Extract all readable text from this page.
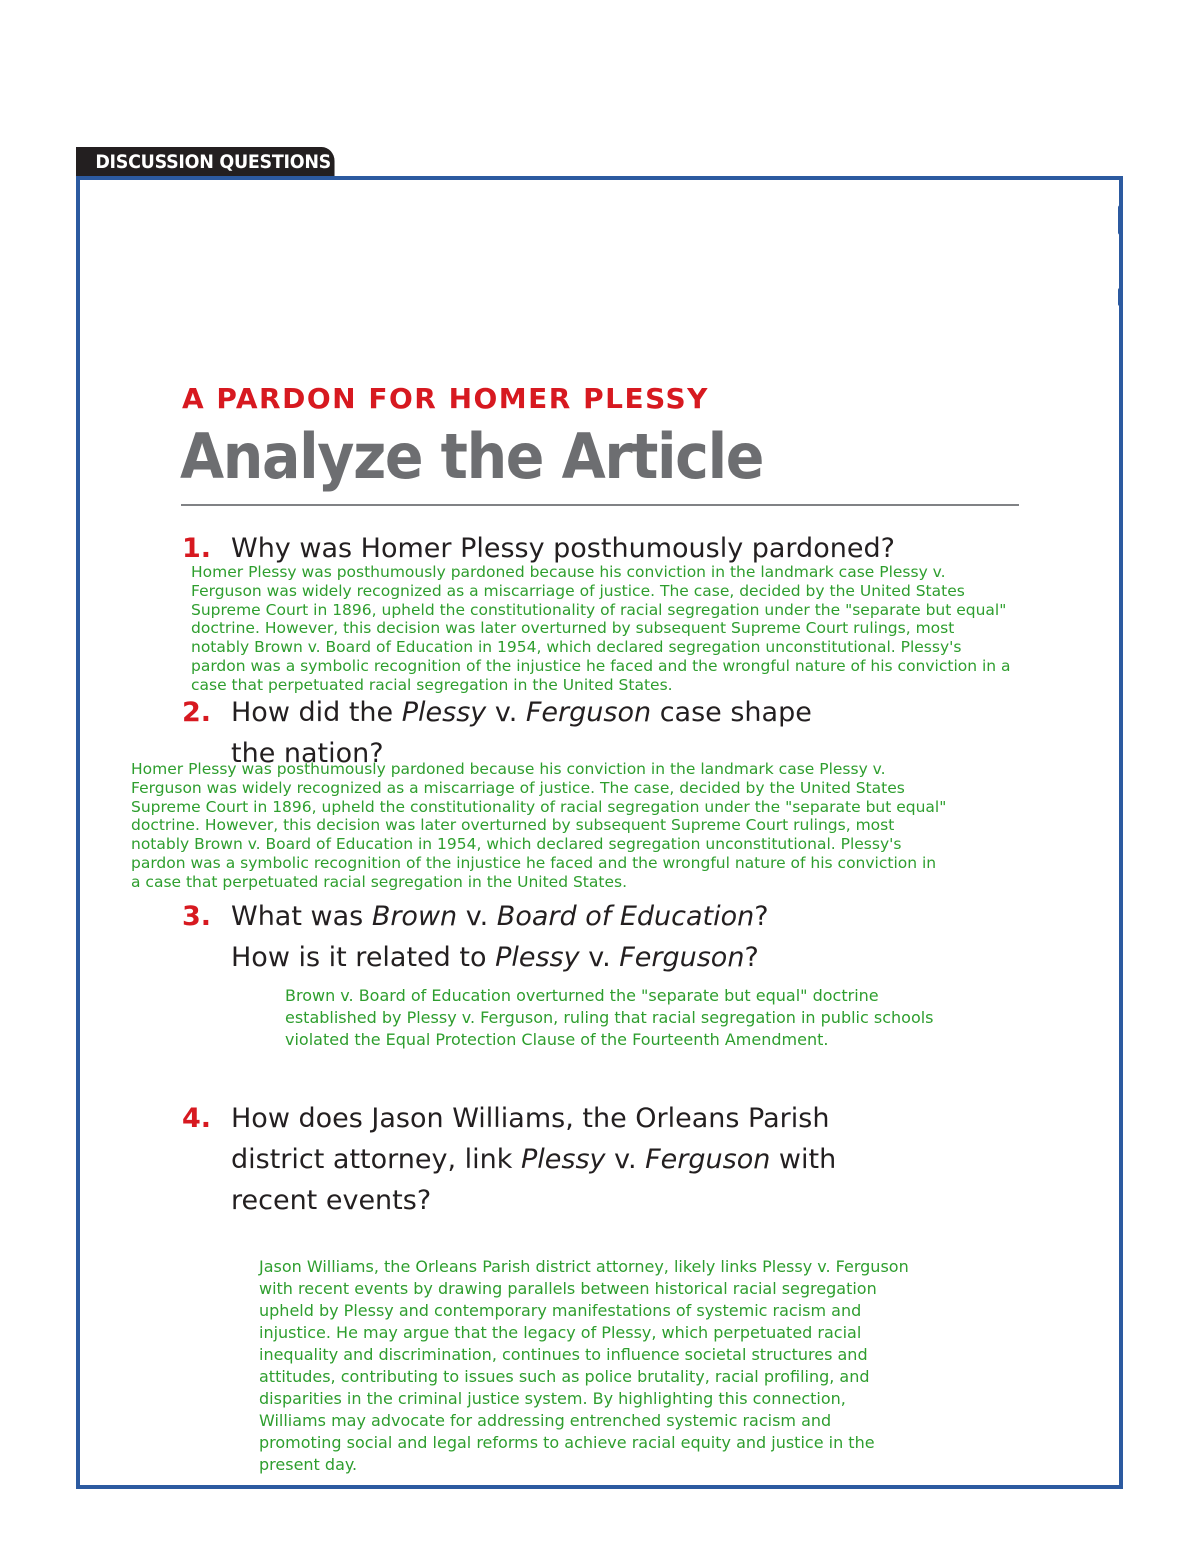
DISCUSSION QUESTIONS
A PARDON FOR HOMER PLESSY
Analyze the Article
1. Why was Homer Plessy posthumously pardoned?
Homer Plessy was posthumously pardoned because his conviction in the landmark case Plessy v.
Ferguson was widely recognized as a miscarriage of justice. The case, decided by the United States
Supreme Court in 1896, upheld the constitutionality of racial segregation under the "separate but equal"
doctrine. However, this decision was later overturned by subsequent Supreme Court rulings, most
notably Brown v. Board of Education in 1954, which declared segregation unconstitutional. Plessy's
pardon was a symbolic recognition of the injustice he faced and the wrongful nature of his conviction in a
case that perpetuated racial segregation in the United States.
2. How did the Plessy v. Ferguson case shape
the nation?
Homer Plessy was posthumously pardoned because his conviction in the landmark case Plessy v.
Ferguson was widely recognized as a miscarriage of justice. The case, decided by the United States
Supreme Court in 1896, upheld the constitutionality of racial segregation under the "separate but equal"
doctrine. However, this decision was later overturned by subsequent Supreme Court rulings, most
notably Brown v. Board of Education in 1954, which declared segregation unconstitutional. Plessy's
pardon was a symbolic recognition of the injustice he faced and the wrongful nature of his conviction in
a case that perpetuated racial segregation in the United States.
3. What was Brown v. Board of Education?
How is it related to Plessy v. Ferguson?
Brown v. Board of Education overturned the "separate but equal" doctrine
established by Plessy v. Ferguson, ruling that racial segregation in public schools
violated the Equal Protection Clause of the Fourteenth Amendment.
4. How does Jason Williams, the Orleans Parish
district attorney, link Plessy v. Ferguson with
recent events?
Jason Williams, the Orleans Parish district attorney, likely links Plessy v. Ferguson
with recent events by drawing parallels between historical racial segregation
upheld by Plessy and contemporary manifestations of systemic racism and
injustice. He may argue that the legacy of Plessy, which perpetuated racial
inequality and discrimination, continues to influence societal structures and
attitudes, contributing to issues such as police brutality, racial profiling, and
disparities in the criminal justice system. By highlighting this connection,
Williams may advocate for addressing entrenched systemic racism and
promoting social and legal reforms to achieve racial equity and justice in the
present day.
